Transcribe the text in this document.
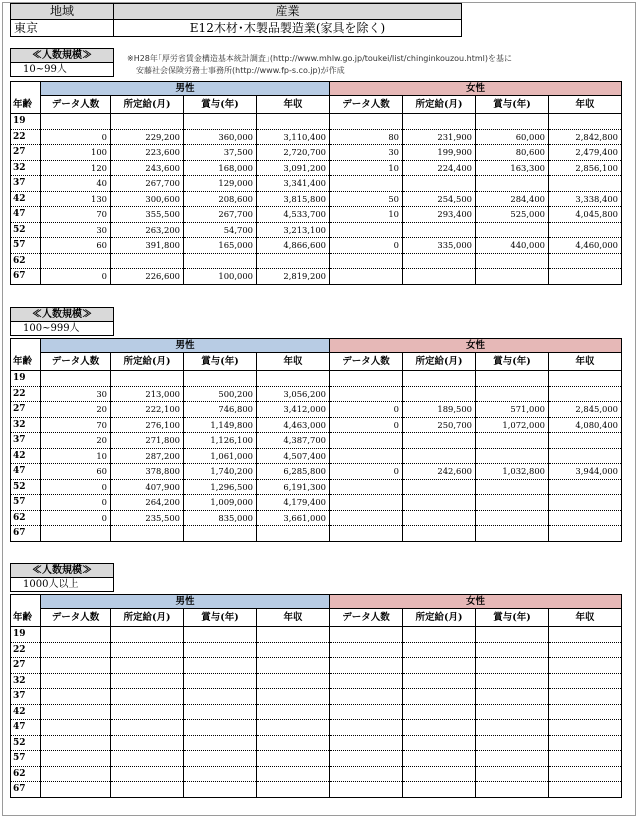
地域	産業
東京	E12木材･木製品製造業(家具を除く)
※H28年｢厚労省賃金構造基本統計調査｣(http://www.mhlw.go.jp/toukei/list/chinginkouzou.html)を基に
安藤社会保険労務士事務所(http://www.fp-s.co.jp)が作成
≪人数規模≫
10~99人
	男性				女性			
年齢	データ人数	所定給(月)	賞与(年)	年収	データ人数	所定給(月)	賞与(年)	年収
19								
22	0	229,200	360,000	3,110,400	80	231,900	60,000	2,842,800
27	100	223,600	37,500	2,720,700	30	199,900	80,600	2,479,400
32	120	243,600	168,000	3,091,200	10	224,400	163,300	2,856,100
37	40	267,700	129,000	3,341,400				
42	130	300,600	208,600	3,815,800	50	254,500	284,400	3,338,400
47	70	355,500	267,700	4,533,700	10	293,400	525,000	4,045,800
52	30	263,200	54,700	3,213,100				
57	60	391,800	165,000	4,866,600	0	335,000	440,000	4,460,000
62								
67	0	226,600	100,000	2,819,200				
≪人数規模≫
100~999人
	男性				女性			
年齢	データ人数	所定給(月)	賞与(年)	年収	データ人数	所定給(月)	賞与(年)	年収
19								
22	30	213,000	500,200	3,056,200				
27	20	222,100	746,800	3,412,000	0	189,500	571,000	2,845,000
32	70	276,100	1,149,800	4,463,000	0	250,700	1,072,000	4,080,400
37	20	271,800	1,126,100	4,387,700				
42	10	287,200	1,061,000	4,507,400				
47	60	378,800	1,740,200	6,285,800	0	242,600	1,032,800	3,944,000
52	0	407,900	1,296,500	6,191,300				
57	0	264,200	1,009,000	4,179,400				
62	0	235,500	835,000	3,661,000				
67								
≪人数規模≫
1000人以上
	男性				女性			
年齢	データ人数	所定給(月)	賞与(年)	年収	データ人数	所定給(月)	賞与(年)	年収
19								
22								
27								
32								
37								
42								
47								
52								
57								
62								
67								
